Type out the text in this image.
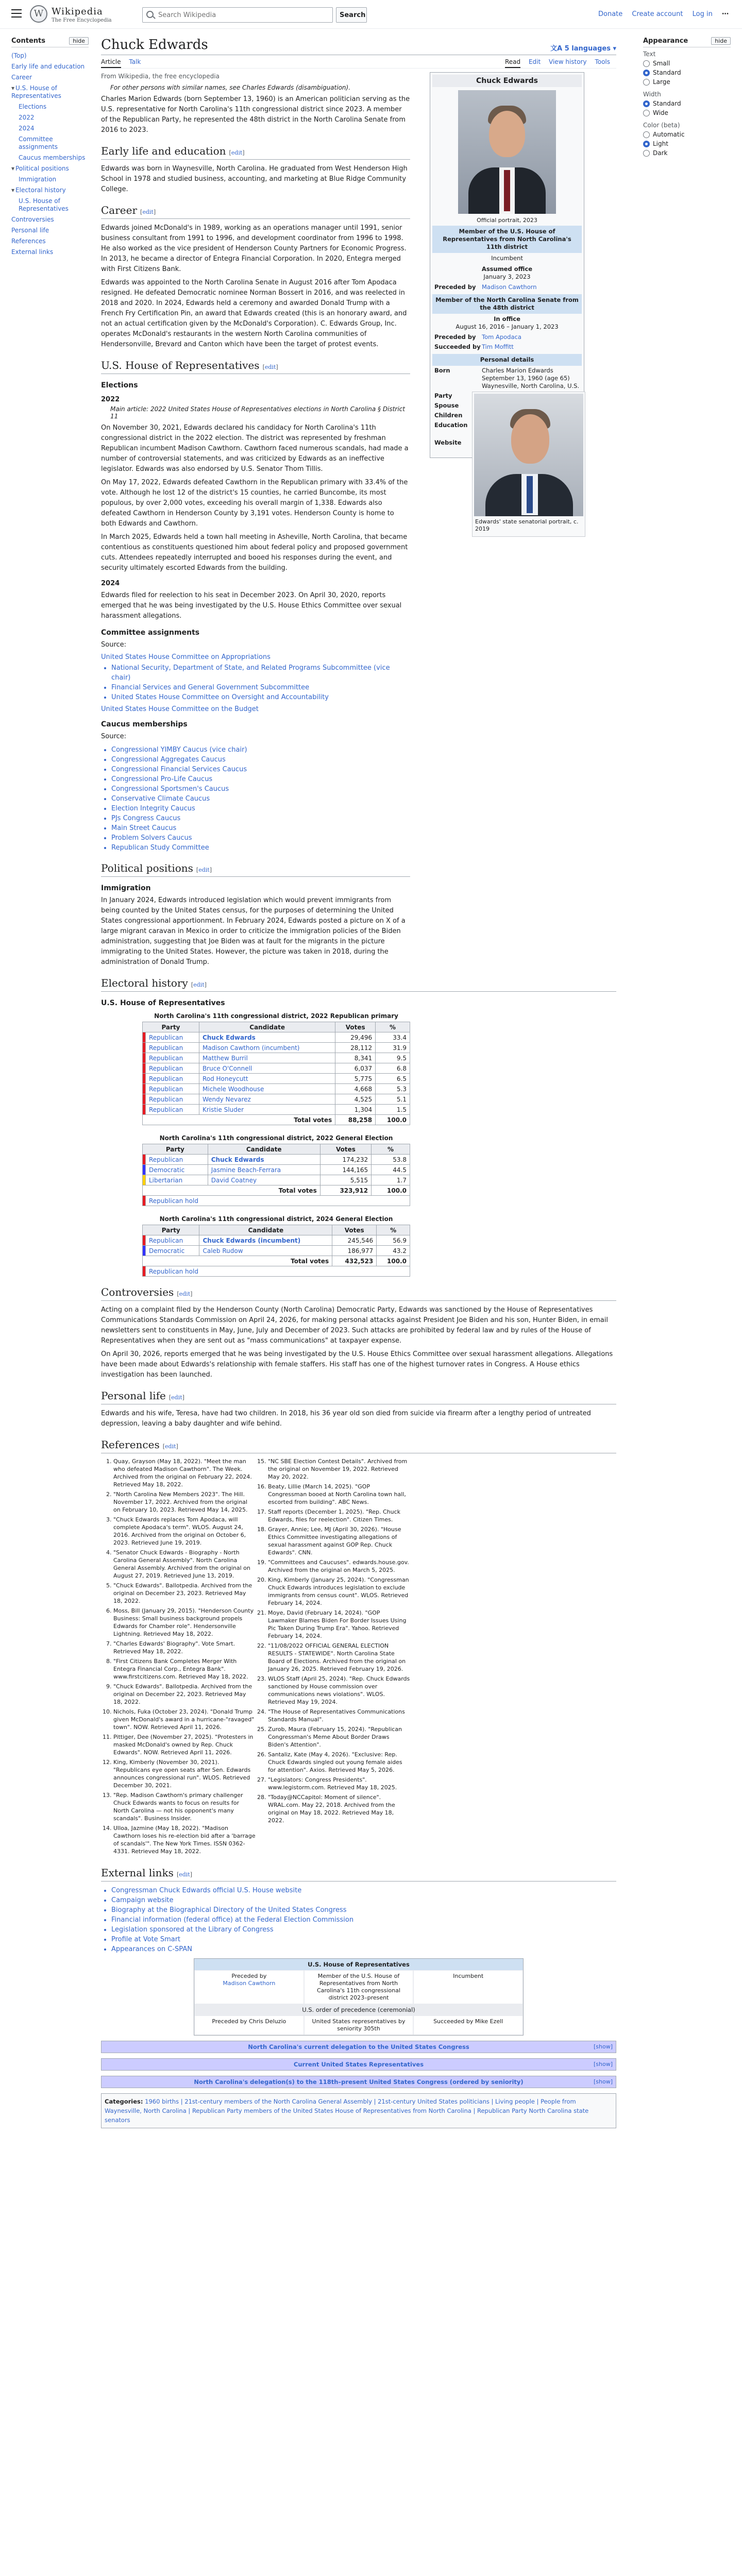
W Wikipedia
The Free Encyclopedia
Search Wikipedia
Search	Donate Create account Log in ⋯
Contents	hide
(Top)
Early life and education
Career
▾ U.S. House of Representatives
Elections
2022
2024
Committee assignments
Caucus memberships
▾ Political positions
Immigration
▾ Electoral history
U.S. House of Representatives
Controversies
Personal life
References
External links
Chuck Edwards	文A 5 languages ▾
Article Talk	Read Edit View history Tools
From Wikipedia, the free encyclopedia
For other persons with similar names, see Charles Edwards (disambiguation).

Charles Marion Edwards (born September 13, 1960) is an American politician serving as the U.S. representative for North Carolina's 11th congressional district since 2023. A member of the Republican Party, he represented the 48th district in the North Carolina Senate from 2016 to 2023.

Early life and education [edit]

Edwards was born in Waynesville, North Carolina. He graduated from West Henderson High School in 1978 and studied business, accounting, and marketing at Blue Ridge Community College.

Career [edit]

Edwards joined McDonald's in 1989, working as an operations manager until 1991, senior business consultant from 1991 to 1996, and development coordinator from 1996 to 1998. He also worked as the vice president of Henderson County Partners for Economic Progress. In 2013, he became a director of Entegra Financial Corporation. In 2020, Entegra merged with First Citizens Bank.

Edwards was appointed to the North Carolina Senate in August 2016 after Tom Apodaca resigned. He defeated Democratic nominee Norman Bossert in 2016, and was reelected in 2018 and 2020. In 2024, Edwards held a ceremony and awarded Donald Trump with a French Fry Certification Pin, an award that Edwards created (this is an honorary award, and not an actual certification given by the McDonald's Corporation). C. Edwards Group, Inc. operates McDonald's restaurants in the western North Carolina communities of Hendersonville, Brevard and Canton which have been the target of protest events.

U.S. House of Representatives [edit]
Elections
2022
Main article: 2022 United States House of Representatives elections in North Carolina § District 11

On November 30, 2021, Edwards declared his candidacy for North Carolina's 11th congressional district in the 2022 election. The district was represented by freshman Republican incumbent Madison Cawthorn. Cawthorn faced numerous scandals, had made a number of controversial statements, and was criticized by Edwards as an ineffective legislator. Edwards was also endorsed by U.S. Senator Thom Tillis.

On May 17, 2022, Edwards defeated Cawthorn in the Republican primary with 33.4% of the vote. Although he lost 12 of the district's 15 counties, he carried Buncombe, its most populous, by over 2,000 votes, exceeding his overall margin of 1,338. Edwards also defeated Cawthorn in Henderson County by 3,191 votes. Henderson County is home to both Edwards and Cawthorn.

In March 2025, Edwards held a town hall meeting in Asheville, North Carolina, that became contentious as constituents questioned him about federal policy and proposed government cuts. Attendees repeatedly interrupted and booed his responses during the event, and security ultimately escorted Edwards from the building.

2024

Edwards filed for reelection to his seat in December 2023. On April 30, 2020, reports emerged that he was being investigated by the U.S. House Ethics Committee over sexual harassment allegations.

Committee assignments

Source:

United States House Committee on Appropriations
• National Security, Department of State, and Related Programs Subcommittee (vice chair)
• Financial Services and General Government Subcommittee
• United States House Committee on Oversight and Accountability
United States House Committee on the Budget
Caucus memberships

Source:

• Congressional YIMBY Caucus (vice chair)
• Congressional Aggregates Caucus
• Congressional Financial Services Caucus
• Congressional Pro-Life Caucus
• Congressional Sportsmen's Caucus
• Conservative Climate Caucus
• Election Integrity Caucus
• PJs Congress Caucus
• Main Street Caucus
• Problem Solvers Caucus
• Republican Study Committee
Political positions [edit]
Immigration

In January 2024, Edwards introduced legislation which would prevent immigrants from being counted by the United States census, for the purposes of determining the United States congressional apportionment. In February 2024, Edwards posted a picture on X of a large migrant caravan in Mexico in order to criticize the immigration policies of the Biden administration, suggesting that Joe Biden was at fault for the migrants in the picture immigrating to the United States. However, the picture was taken in 2018, during the administration of Donald Trump.

Electoral history [edit]
U.S. House of Representatives
North Carolina's 11th congressional district, 2022 Republican primary
Party		Candidate	Votes	%
	Republican	Chuck Edwards	29,496	33.4
	Republican	Madison Cawthorn (incumbent)	28,112	31.9
	Republican	Matthew Burril	8,341	9.5
	Republican	Bruce O'Connell	6,037	6.8
	Republican	Rod Honeycutt	5,775	6.5
	Republican	Michele Woodhouse	4,668	5.3
	Republican	Wendy Nevarez	4,525	5.1
	Republican	Kristie Sluder	1,304	1.5
Total votes			88,258	100.0
North Carolina's 11th congressional district, 2022 General Election
Party		Candidate	Votes	%
	Republican	Chuck Edwards	174,232	53.8
	Democratic	Jasmine Beach-Ferrara	144,165	44.5
	Libertarian	David Coatney	5,515	1.7
Total votes			323,912	100.0
	Republican hold			
North Carolina's 11th congressional district, 2024 General Election
Party		Candidate	Votes	%
	Republican	Chuck Edwards (incumbent)	245,546	56.9
	Democratic	Caleb Rudow	186,977	43.2
Total votes			432,523	100.0
	Republican hold			
Controversies [edit]

Acting on a complaint filed by the Henderson County (North Carolina) Democratic Party, Edwards was sanctioned by the House of Representatives Communications Standards Commission on April 24, 2026, for making personal attacks against President Joe Biden and his son, Hunter Biden, in email newsletters sent to constituents in May, June, July and December of 2023. Such attacks are prohibited by federal law and by rules of the House of Representatives when they are sent out as "mass communications" at taxpayer expense.

On April 30, 2026, reports emerged that he was being investigated by the U.S. House Ethics Committee over sexual harassment allegations. Allegations have been made about Edwards's relationship with female staffers. His staff has one of the highest turnover rates in Congress. A House ethics investigation has been launched.

Personal life [edit]

Edwards and his wife, Teresa, have had two children. In 2018, his 36 year old son died from suicide via firearm after a lengthy period of untreated depression, leaving a baby daughter and wife behind.

References [edit]
1. Quay, Grayson (May 18, 2022). "Meet the man who defeated Madison Cawthorn". The Week. Archived from the original on February 22, 2024. Retrieved May 18, 2022.
2. "North Carolina New Members 2023". The Hill. November 17, 2022. Archived from the original on February 10, 2023. Retrieved May 14, 2025.
3. "Chuck Edwards replaces Tom Apodaca, will complete Apodaca's term". WLOS. August 24, 2016. Archived from the original on October 6, 2023. Retrieved June 19, 2019.
4. "Senator Chuck Edwards - Biography - North Carolina General Assembly". North Carolina General Assembly. Archived from the original on August 27, 2019. Retrieved June 13, 2019.
5. "Chuck Edwards". Ballotpedia. Archived from the original on December 23, 2023. Retrieved May 18, 2022.
6. Moss, Bill (January 29, 2015). "Henderson County Business: Small business background propels Edwards for Chamber role". Hendersonville Lightning. Retrieved May 18, 2022.
7. "Charles Edwards' Biography". Vote Smart. Retrieved May 18, 2022.
8. "First Citizens Bank Completes Merger With Entegra Financial Corp., Entegra Bank". www.firstcitizens.com. Retrieved May 18, 2022.
9. "Chuck Edwards". Ballotpedia. Archived from the original on December 22, 2023. Retrieved May 18, 2022.
10. Nichols, Fuka (October 23, 2024). "Donald Trump given McDonald's award in a hurricane-"ravaged" town". NOW. Retrieved April 11, 2026.
11. Pittiger, Dee (November 27, 2025). "Protesters in masked McDonald's owned by Rep. Chuck Edwards". NOW. Retrieved April 11, 2026.
12. King, Kimberly (November 30, 2021). "Republicans eye open seats after Sen. Edwards announces congressional run". WLOS. Retrieved December 30, 2021.
13. "Rep. Madison Cawthorn's primary challenger Chuck Edwards wants to focus on results for North Carolina — not his opponent's many scandals". Business Insider.
14. Ulloa, Jazmine (May 18, 2022). "Madison Cawthorn loses his re-election bid after a 'barrage of scandals'". The New York Times. ISSN 0362-4331. Retrieved May 18, 2022.
15. "NC SBE Election Contest Details". Archived from the original on November 19, 2022. Retrieved May 20, 2022.
16. Beaty, Lillie (March 14, 2025). "GOP Congressman booed at North Carolina town hall, escorted from building". ABC News.
17. Staff reports (December 1, 2025). "Rep. Chuck Edwards, files for reelection". Citizen Times.
18. Grayer, Annie; Lee, MJ (April 30, 2026). "House Ethics Committee investigating allegations of sexual harassment against GOP Rep. Chuck Edwards". CNN.
19. "Committees and Caucuses". edwards.house.gov. Archived from the original on March 5, 2025.
20. King, Kimberly (January 25, 2024). "Congressman Chuck Edwards introduces legislation to exclude immigrants from census count". WLOS. Retrieved February 14, 2024.
21. Moye, David (February 14, 2024). "GOP Lawmaker Blames Biden For Border Issues Using Pic Taken During Trump Era". Yahoo. Retrieved February 14, 2024.
22. "11/08/2022 OFFICIAL GENERAL ELECTION RESULTS - STATEWIDE". North Carolina State Board of Elections. Archived from the original on January 26, 2025. Retrieved February 19, 2026.
23. WLOS Staff (April 25, 2024). "Rep. Chuck Edwards sanctioned by House commission over communications news violations". WLOS. Retrieved May 19, 2024.
24. "The House of Representatives Communications Standards Manual".
25. Zurob, Maura (February 15, 2024). "Republican Congressman's Meme About Border Draws Biden's Attention".
26. Santaliz, Kate (May 4, 2026). "Exclusive: Rep. Chuck Edwards singled out young female aides for attention". Axios. Retrieved May 5, 2026.
27. "Legislators: Congress Presidents". www.legistorm.com. Retrieved May 18, 2025.
28. "Today@NCCapitol: Moment of silence". WRAL.com. May 22, 2018. Archived from the original on May 18, 2022. Retrieved May 18, 2022.
External links [edit]
• Congressman Chuck Edwards official U.S. House website
• Campaign website
• Biography at the Biographical Directory of the United States Congress
• Financial information (federal office) at the Federal Election Commission
• Legislation sponsored at the Library of Congress
• Profile at Vote Smart
• Appearances on C-SPAN
U.S. House of Representatives
Preceded by
Madison Cawthorn
Member of the U.S. House of Representatives from North Carolina's 11th congressional district 2023–present
Incumbent
U.S. order of precedence (ceremonial)
Preceded by Chris Deluzio	United States representatives by seniority 305th
Succeeded by Mike Ezell
North Carolina's current delegation to the United States Congress	[show]
Current United States Representatives	[show]
North Carolina's delegation(s) to the 118th–present United States Congress (ordered by seniority)	[show]
Categories: 1960 births | 21st-century members of the North Carolina General Assembly | 21st-century United States politicians | Living people | People from Waynesville, North Carolina | Republican Party members of the United States House of Representatives from North Carolina | Republican Party North Carolina state senators
Chuck Edwards
Official portrait, 2023
Member of the U.S. House of Representatives from North Carolina's 11th district
Incumbent
Assumed office
January 3, 2023
Preceded by Madison Cawthorn
Member of the North Carolina Senate from the 48th district
In office
August 16, 2016 – January 1, 2023
Preceded by Tom Apodaca
Succeeded by Tim Moffitt
Personal details
Born	Charles Marion Edwards September 13, 1960 (age 65) Waynesville, North Carolina, U.S.
Party
Spouse
Children
Education
Website
Edwards' state senatorial portrait, c. 2019
Appearance	hide
Text
Small
Standard
Large
Width
Standard
Wide
Color (beta)
Automatic
Light
Dark
